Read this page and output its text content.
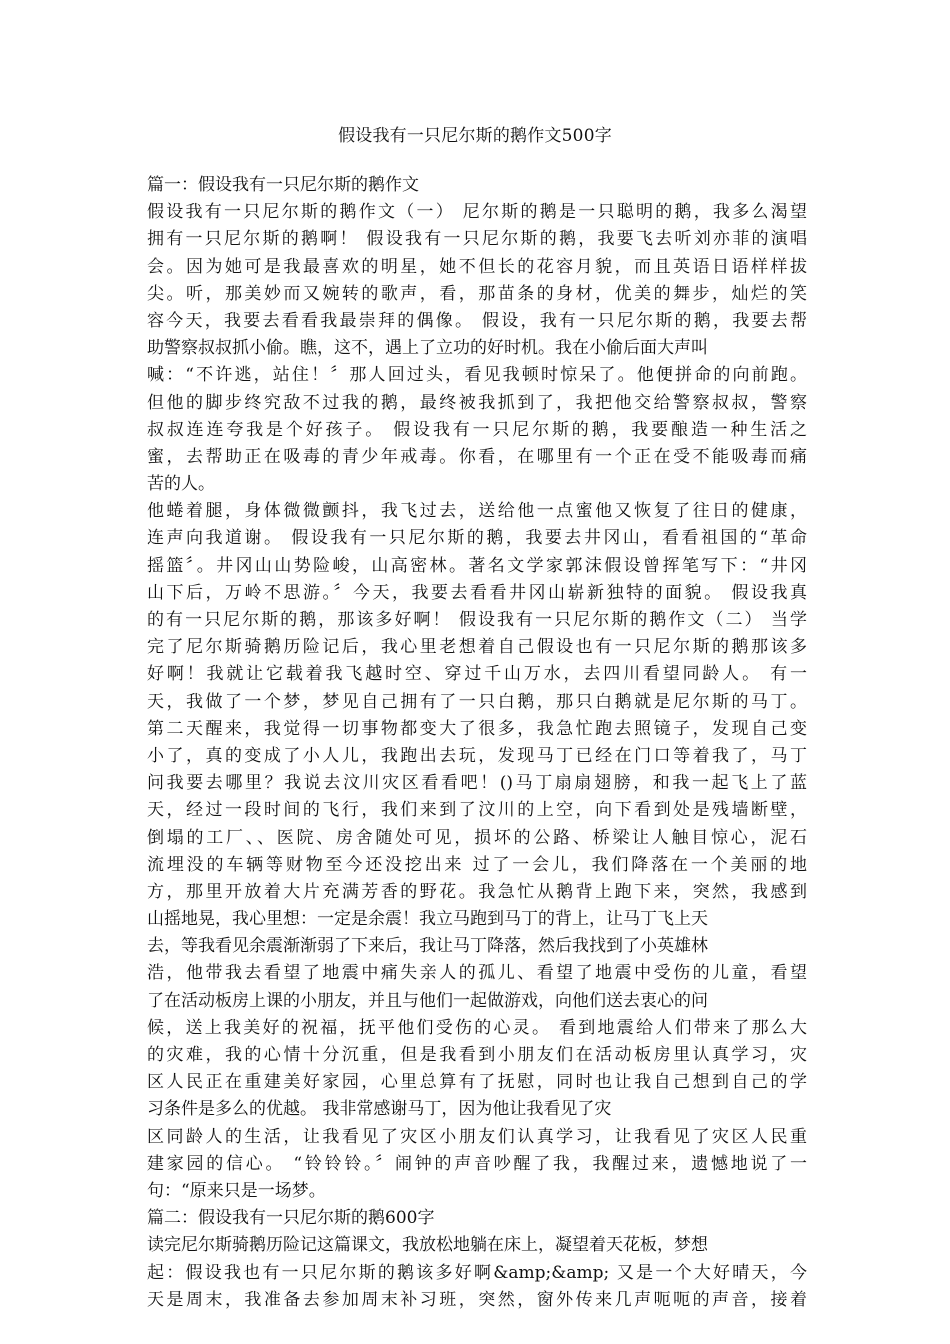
假设我有一只尼尔斯的鹅作文500字
篇一：假设我有一只尼尔斯的鹅作文
假设我有一只尼尔斯的鹅作文（一） 尼尔斯的鹅是一只聪明的鹅，我多么渴望
拥有一只尼尔斯的鹅啊！ 假设我有一只尼尔斯的鹅，我要飞去听刘亦菲的演唱
会。因为她可是我最喜欢的明星，她不但长的花容月貌，而且英语日语样样拔
尖。听，那美妙而又婉转的歌声，看，那苗条的身材，优美的舞步，灿烂的笑
容今天，我要去看看我最崇拜的偶像。 假设，我有一只尼尔斯的鹅，我要去帮
助警察叔叔抓小偷。瞧，这不，遇上了立功的好时机。我在小偷后面大声叫
喊：“不许逃，站住！〞那人回过头，看见我顿时惊呆了。他便拼命的向前跑。
但他的脚步终究敌不过我的鹅，最终被我抓到了，我把他交给警察叔叔，警察
叔叔连连夸我是个好孩子。 假设我有一只尼尔斯的鹅，我要酿造一种生活之
蜜，去帮助正在吸毒的青少年戒毒。你看，在哪里有一个正在受不能吸毒而痛
苦的人。
他蜷着腿，身体微微颤抖，我飞过去，送给他一点蜜他又恢复了往日的健康，
连声向我道谢。 假设我有一只尼尔斯的鹅，我要去井冈山，看看祖国的“革命
摇篮〞。井冈山山势险峻，山高密林。著名文学家郭沫假设曾挥笔写下：“井冈
山下后，万岭不思游。〞今天，我要去看看井冈山崭新独特的面貌。 假设我真
的有一只尼尔斯的鹅，那该多好啊！ 假设我有一只尼尔斯的鹅作文（二） 当学
完了尼尔斯骑鹅历险记后，我心里老想着自己假设也有一只尼尔斯的鹅那该多
好啊！我就让它载着我飞越时空、穿过千山万水，去四川看望同龄人。 有一
天，我做了一个梦，梦见自己拥有了一只白鹅，那只白鹅就是尼尔斯的马丁。
第二天醒来，我觉得一切事物都变大了很多，我急忙跑去照镜子，发现自己变
小了，真的变成了小人儿，我跑出去玩，发现马丁已经在门口等着我了，马丁
问我要去哪里？我说去汶川灾区看看吧！()马丁扇扇翅膀，和我一起飞上了蓝
天，经过一段时间的飞行，我们来到了汶川的上空，向下看到处是残墙断壁，
倒塌的工厂、、医院、房舍随处可见，损坏的公路、桥梁让人触目惊心，泥石
流埋没的车辆等财物至今还没挖出来 过了一会儿，我们降落在一个美丽的地
方，那里开放着大片充满芳香的野花。我急忙从鹅背上跑下来，突然，我感到
山摇地晃，我心里想：一定是余震！我立马跑到马丁的背上，让马丁飞上天
去，等我看见余震渐渐弱了下来后，我让马丁降落，然后我找到了小英雄林
浩，他带我去看望了地震中痛失亲人的孤儿、看望了地震中受伤的儿童，看望
了在活动板房上课的小朋友，并且与他们一起做游戏，向他们送去衷心的问
候，送上我美好的祝福，抚平他们受伤的心灵。 看到地震给人们带来了那么大
的灾难，我的心情十分沉重，但是我看到小朋友们在活动板房里认真学习，灾
区人民正在重建美好家园，心里总算有了抚慰，同时也让我自己想到自己的学
习条件是多么的优越。 我非常感谢马丁，因为他让我看见了灾
区同龄人的生活，让我看见了灾区小朋友们认真学习，让我看见了灾区人民重
建家园的信心。 “铃铃铃。〞闹钟的声音吵醒了我，我醒过来，遗憾地说了一
句：“原来只是一场梦。
篇二：假设我有一只尼尔斯的鹅600字
读完尼尔斯骑鹅历险记这篇课文，我放松地躺在床上，凝望着天花板，梦想
起：假设我也有一只尼尔斯的鹅该多好啊&amp;&amp; 又是一个大好晴天，今
天是周末，我准备去参加周末补习班，突然，窗外传来几声呃呃的声音，接着
